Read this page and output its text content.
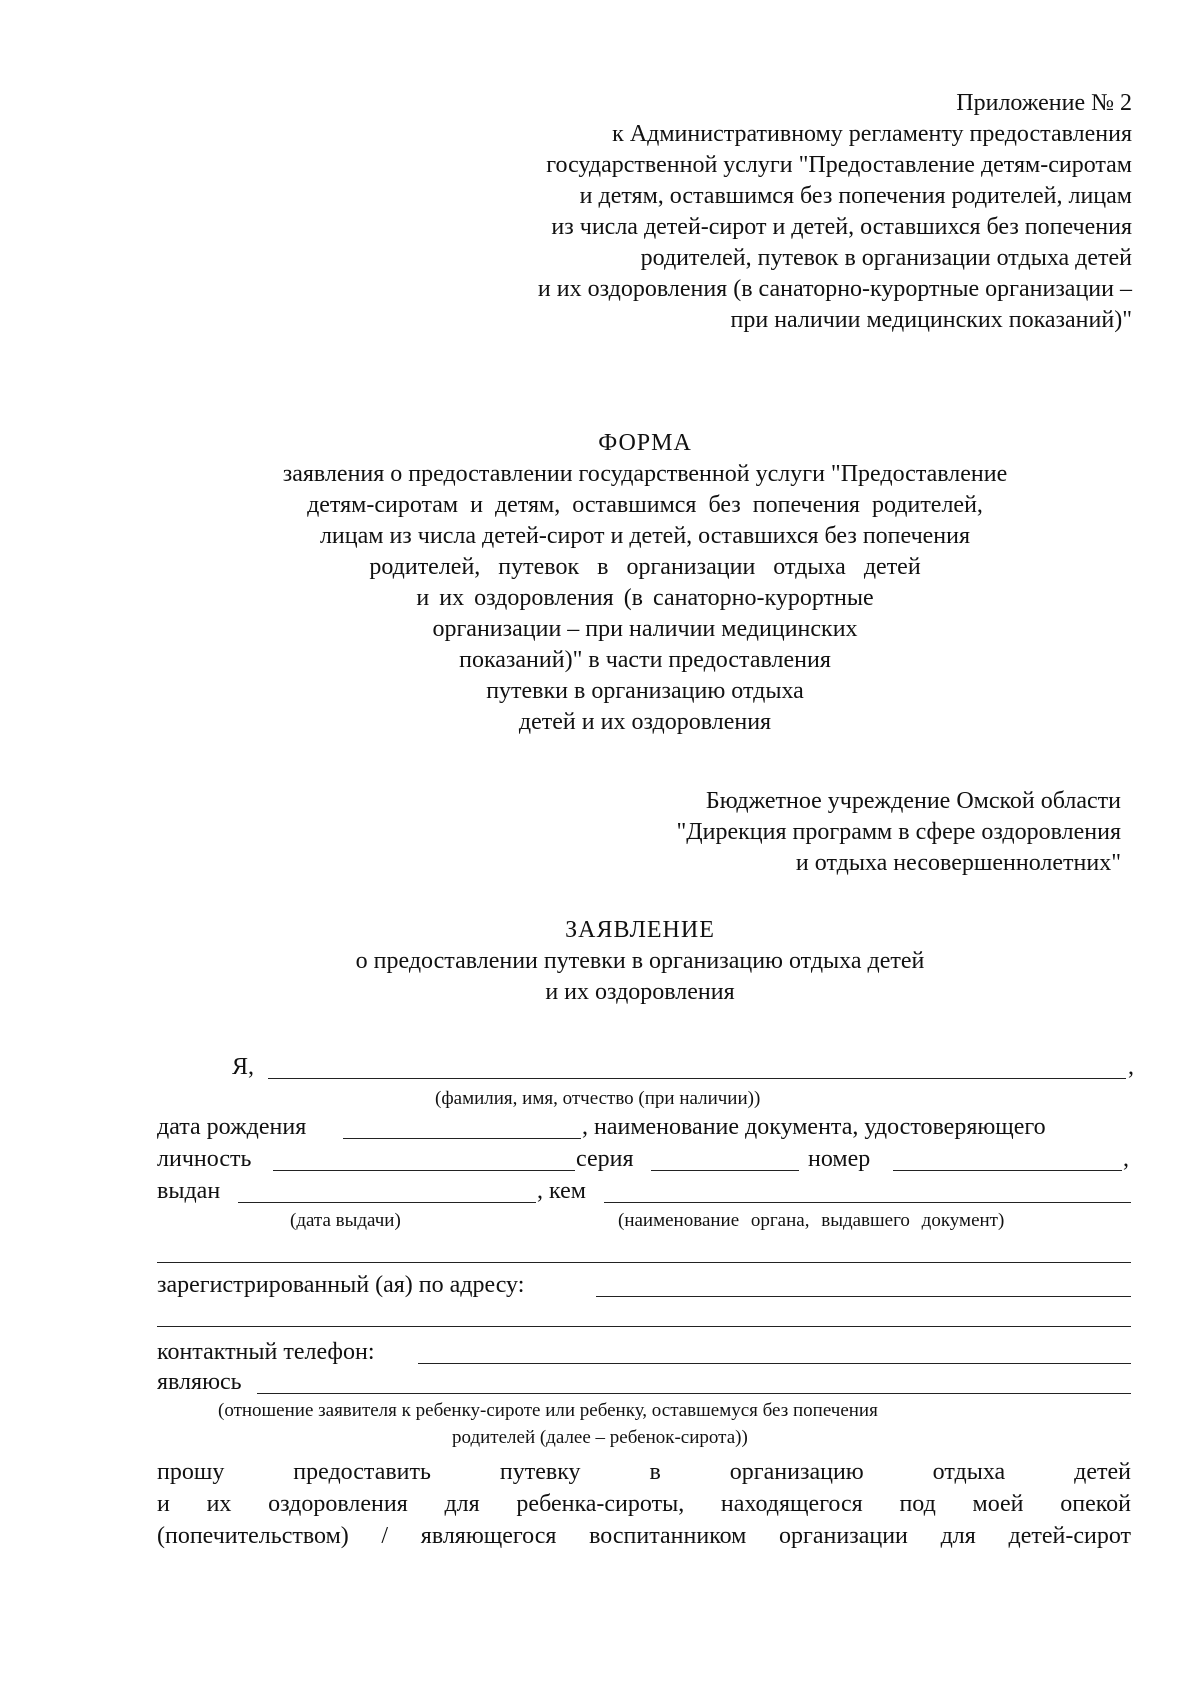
Приложение № 2
к Административному регламенту предоставления
государственной услуги "Предоставление детям-сиротам
и детям, оставшимся без попечения родителей, лицам
из числа детей-сирот и детей, оставшихся без попечения
родителей, путевок в организации отдыха детей
и их оздоровления (в санаторно-курортные организации –
при наличии медицинских показаний)"
ФОРМА
заявления о предоставлении государственной услуги "Предоставление
детям-сиротам и детям, оставшимся без попечения родителей,
лицам из числа детей-сирот и детей, оставшихся без попечения
родителей, путевок в организации отдыха детей
и их оздоровления (в санаторно-курортные
организации – при наличии медицинских
показаний)" в части предоставления
путевки в организацию отдыха
детей и их оздоровления
Бюджетное учреждение Омской области
"Дирекция программ в сфере оздоровления
и отдыха несовершеннолетних"
ЗАЯВЛЕНИЕ
о предоставлении путевки в организацию отдыха детей
и их оздоровления
Я,	,
(фамилия, имя, отчество (при наличии))
дата рождения	, наименование документа, удостоверяющего
личность	серия	номер	,
выдан	, кем
(дата выдачи)	(наименование органа, выдавшего документ)
зарегистрированный (ая) по адресу:
контактный телефон:
являюсь
(отношение заявителя к ребенку-сироте или ребенку, оставшемуся без попечения
родителей (далее – ребенок-сирота))
прошу предоставить путевку в организацию отдыха детей
и их оздоровления для ребенка-сироты, находящегося под моей опекой
(попечительством) / являющегося воспитанником организации для детей-сирот
